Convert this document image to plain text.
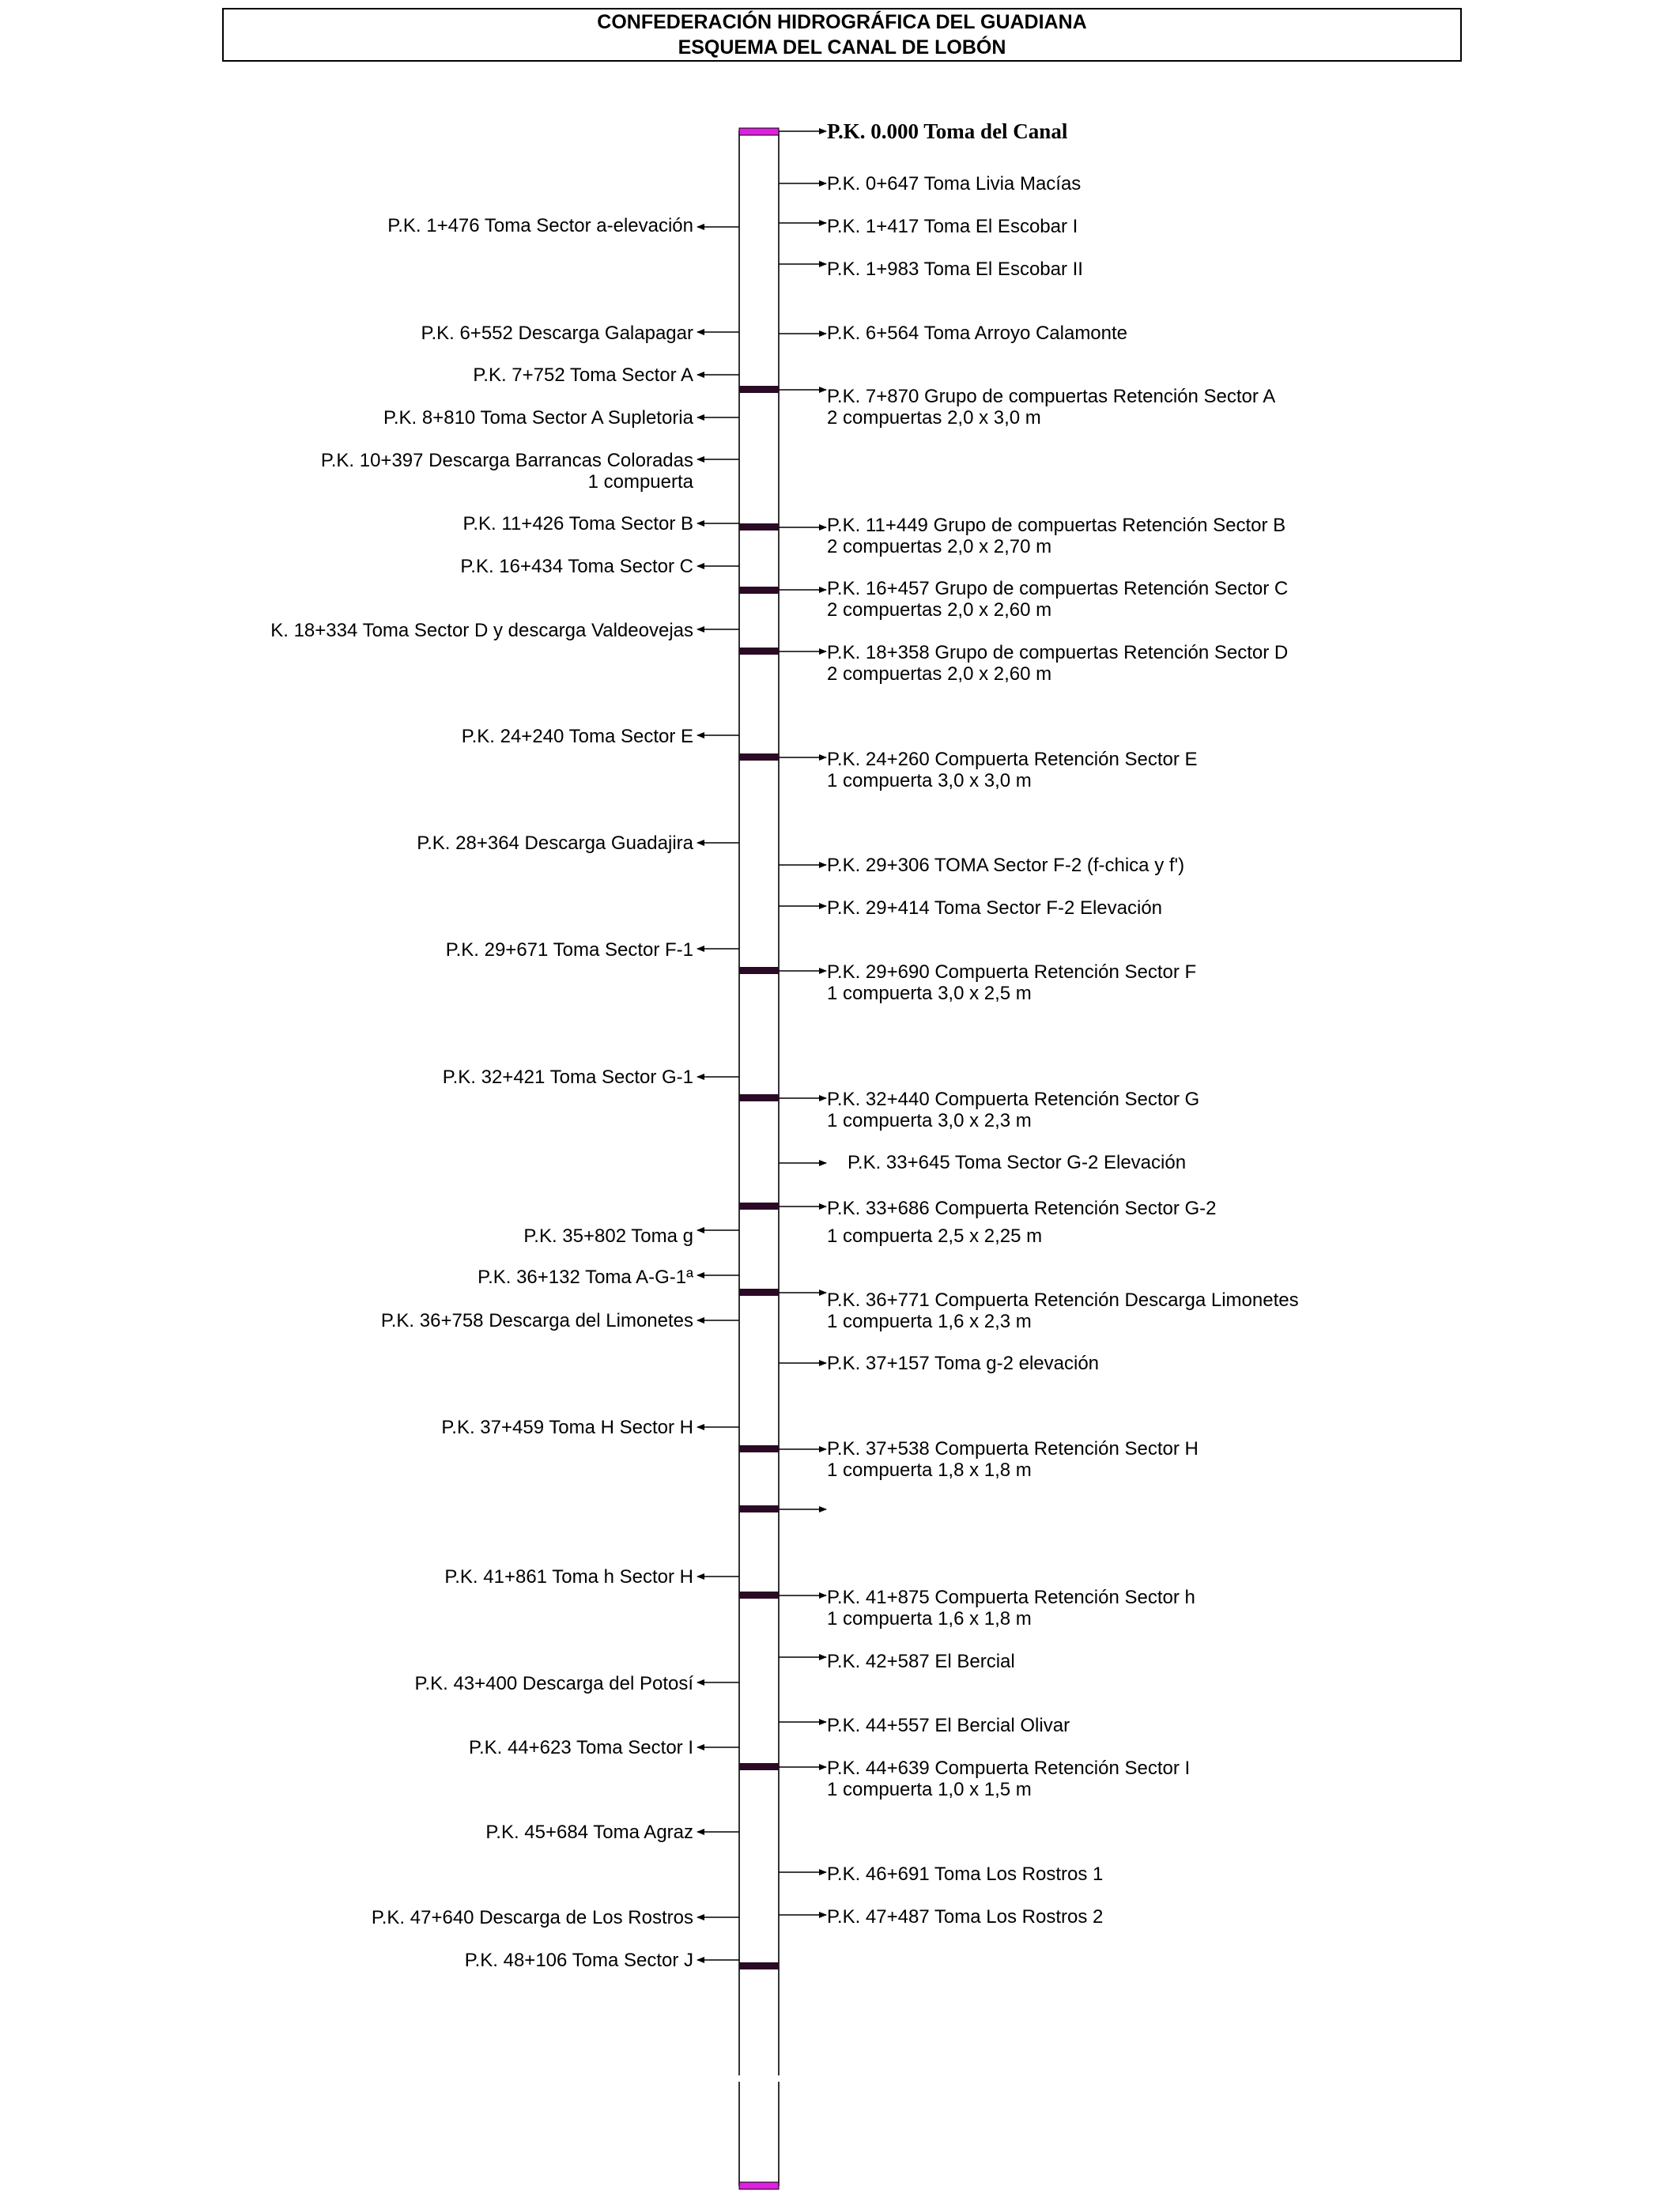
CONFEDERACIÓN HIDROGRÁFICA DEL GUADIANA
ESQUEMA DEL CANAL DE LOBÓN
P.K. 0.000 Toma del Canal
P.K. 0+647 Toma Livia Macías
P.K. 1+417 Toma El Escobar I
P.K. 1+983 Toma El Escobar II
P.K. 6+564 Toma Arroyo Calamonte
P.K. 7+870 Grupo de compuertas Retención Sector A 2 compuertas 2,0 x 3,0 m
P.K. 11+449 Grupo de compuertas Retención Sector B 2 compuertas 2,0 x 2,70 m
P.K. 16+457 Grupo de compuertas Retención Sector C 2 compuertas 2,0 x 2,60 m
P.K. 18+358 Grupo de compuertas Retención Sector D 2 compuertas 2,0 x 2,60 m
P.K. 24+260 Compuerta Retención Sector E 1 compuerta 3,0 x 3,0 m
P.K. 29+306 TOMA Sector F-2 (f-chica y f')
P.K. 29+414 Toma Sector F-2 Elevación
P.K. 29+690 Compuerta Retención Sector F 1 compuerta 3,0 x 2,5 m
P.K. 32+440 Compuerta Retención Sector G 1 compuerta 3,0 x 2,3 m
P.K. 33+645 Toma Sector G-2 Elevación
P.K. 33+686 Compuerta Retención Sector G-2 1 compuerta 2,5 x 2,25 m
P.K. 36+771 Compuerta Retención Descarga Limonetes 1 compuerta 1,6 x 2,3 m
P.K. 37+157 Toma g-2 elevación
P.K. 37+538 Compuerta Retención Sector H 1 compuerta 1,8 x 1,8 m
P.K. 41+875 Compuerta Retención Sector h 1 compuerta 1,6 x 1,8 m
P.K. 42+587 El Bercial
P.K. 44+557 El Bercial Olivar
P.K. 44+639 Compuerta Retención Sector I 1 compuerta 1,0 x 1,5 m
P.K. 46+691 Toma Los Rostros 1
P.K. 47+487 Toma Los Rostros 2
P.K. 1+476 Toma Sector a-elevación
P.K. 6+552 Descarga Galapagar
P.K. 7+752 Toma Sector A
P.K. 8+810 Toma Sector A Supletoria
P.K. 10+397 Descarga Barrancas Coloradas 1 compuerta
P.K. 11+426 Toma Sector B
P.K. 16+434 Toma Sector C
K. 18+334 Toma Sector D y descarga Valdeovejas
P.K. 24+240 Toma Sector E
P.K. 28+364 Descarga Guadajira
P.K. 29+671 Toma Sector F-1
P.K. 32+421 Toma Sector G-1
P.K. 35+802 Toma g
P.K. 36+132 Toma A-G-1ª
P.K. 36+758 Descarga del Limonetes
P.K. 37+459 Toma H Sector H
P.K. 41+861 Toma h Sector H
P.K. 43+400 Descarga del Potosí
P.K. 44+623 Toma Sector I
P.K. 45+684 Toma Agraz
P.K. 47+640 Descarga de Los Rostros
P.K. 48+106 Toma Sector J
